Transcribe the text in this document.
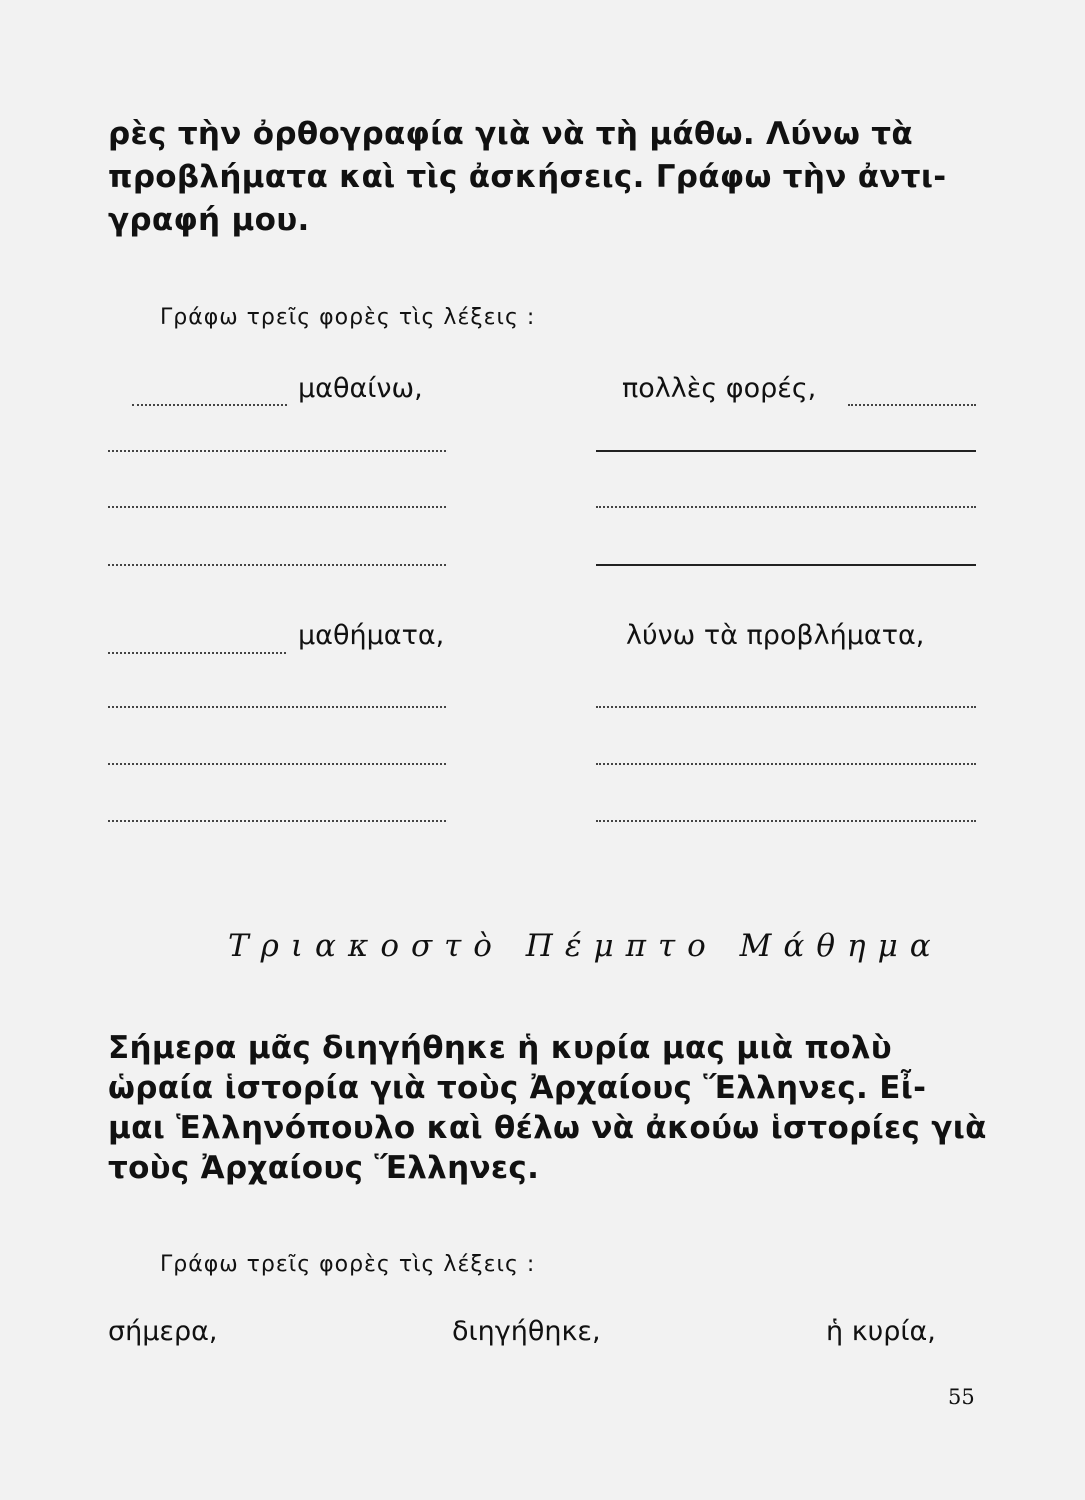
ρὲς τὴν ὀρθογραφία γιὰ νὰ τὴ μάθω. Λύνω τὰ
προβλήματα καὶ τὶς ἀσκήσεις. Γράφω τὴν ἀντι-
γραφή μου.
Γράφω τρεῖς φορὲς τὶς λέξεις :
μαθαίνω,	πολλὲς φορές,
μαθήματα,	λύνω τὰ προβλήματα,
Τριακοστὸ Πέμπτο Μάθημα
Σήμερα μᾶς διηγήθηκε ἡ κυρία μας μιὰ πολὺ
ὡραία ἱστορία γιὰ τοὺς Ἀρχαίους Ἕλληνες. Εἶ-
μαι Ἑλληνόπουλο καὶ θέλω νὰ ἀκούω ἱστορίες γιὰ
τοὺς Ἀρχαίους Ἕλληνες.
Γράφω τρεῖς φορὲς τὶς λέξεις :
σήμερα,	διηγήθηκε,	ἡ κυρία,
55
